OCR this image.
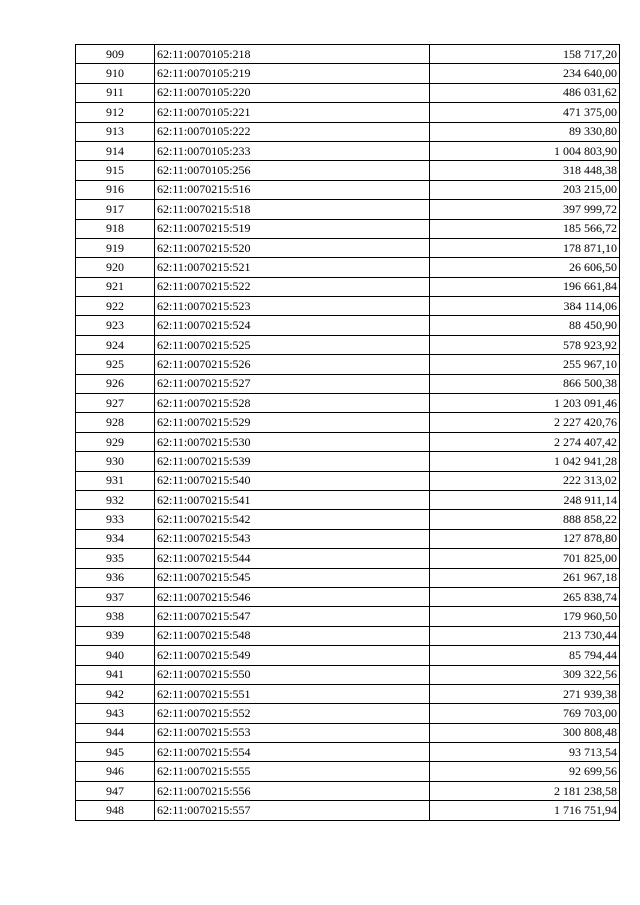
909	62:11:0070105:218	158 717,20
910	62:11:0070105:219	234 640,00
911	62:11:0070105:220	486 031,62
912	62:11:0070105:221	471 375,00
913	62:11:0070105:222	89 330,80
914	62:11:0070105:233	1 004 803,90
915	62:11:0070105:256	318 448,38
916	62:11:0070215:516	203 215,00
917	62:11:0070215:518	397 999,72
918	62:11:0070215:519	185 566,72
919	62:11:0070215:520	178 871,10
920	62:11:0070215:521	26 606,50
921	62:11:0070215:522	196 661,84
922	62:11:0070215:523	384 114,06
923	62:11:0070215:524	88 450,90
924	62:11:0070215:525	578 923,92
925	62:11:0070215:526	255 967,10
926	62:11:0070215:527	866 500,38
927	62:11:0070215:528	1 203 091,46
928	62:11:0070215:529	2 227 420,76
929	62:11:0070215:530	2 274 407,42
930	62:11:0070215:539	1 042 941,28
931	62:11:0070215:540	222 313,02
932	62:11:0070215:541	248 911,14
933	62:11:0070215:542	888 858,22
934	62:11:0070215:543	127 878,80
935	62:11:0070215:544	701 825,00
936	62:11:0070215:545	261 967,18
937	62:11:0070215:546	265 838,74
938	62:11:0070215:547	179 960,50
939	62:11:0070215:548	213 730,44
940	62:11:0070215:549	85 794,44
941	62:11:0070215:550	309 322,56
942	62:11:0070215:551	271 939,38
943	62:11:0070215:552	769 703,00
944	62:11:0070215:553	300 808,48
945	62:11:0070215:554	93 713,54
946	62:11:0070215:555	92 699,56
947	62:11:0070215:556	2 181 238,58
948	62:11:0070215:557	1 716 751,94
